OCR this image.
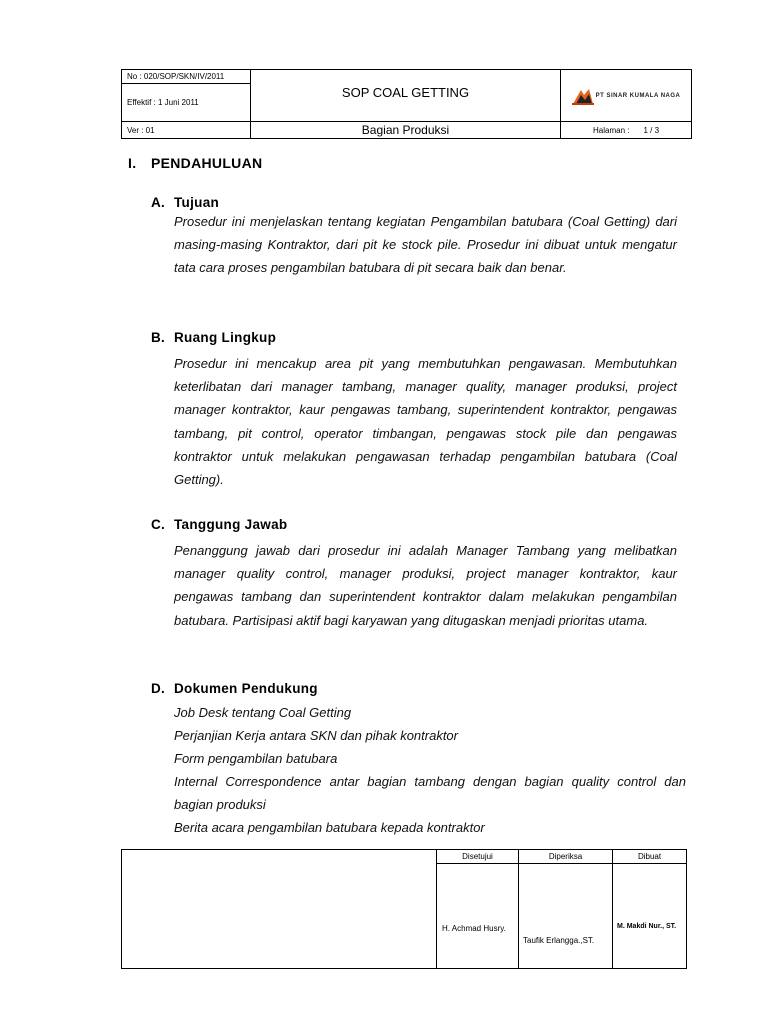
No : 020/SOP/SKN/IV/2011
Effektif : 1 Juni 2011
Ver : 01
SOP COAL GETTING	PT SINAR KUMALA NAGA
Bagian Produksi	Halaman : 1 / 3
I. PENDAHULUAN
A. Tujuan
Prosedur ini menjelaskan tentang kegiatan Pengambilan batubara (Coal Getting) dari masing-masing Kontraktor, dari pit ke stock pile. Prosedur ini dibuat untuk mengatur tata cara proses pengambilan batubara di pit secara baik dan benar.
B. Ruang Lingkup
Prosedur ini mencakup area pit yang membutuhkan pengawasan. Membutuhkan keterlibatan dari manager tambang, manager quality, manager produksi, project manager kontraktor, kaur pengawas tambang, superintendent kontraktor, pengawas tambang, pit control, operator timbangan, pengawas stock pile dan pengawas kontraktor untuk melakukan pengawasan terhadap pengambilan batubara (Coal Getting).
C. Tanggung Jawab
Penanggung jawab dari prosedur ini adalah Manager Tambang yang melibatkan manager quality control, manager produksi, project manager kontraktor, kaur pengawas tambang dan superintendent kontraktor dalam melakukan pengambilan batubara. Partisipasi aktif bagi karyawan yang ditugaskan menjadi prioritas utama.
D. Dokumen Pendukung
Job Desk tentang Coal Getting
Perjanjian Kerja antara SKN dan pihak kontraktor
Form pengambilan batubara
Internal Correspondence antar bagian tambang dengan bagian quality control dan bagian produksi
Berita acara pengambilan batubara kepada kontraktor
Disetujui
H. Achmad Husry.
Diperiksa
Taufik Erlangga.,ST.
Dibuat
M. Makdi Nur., ST.
